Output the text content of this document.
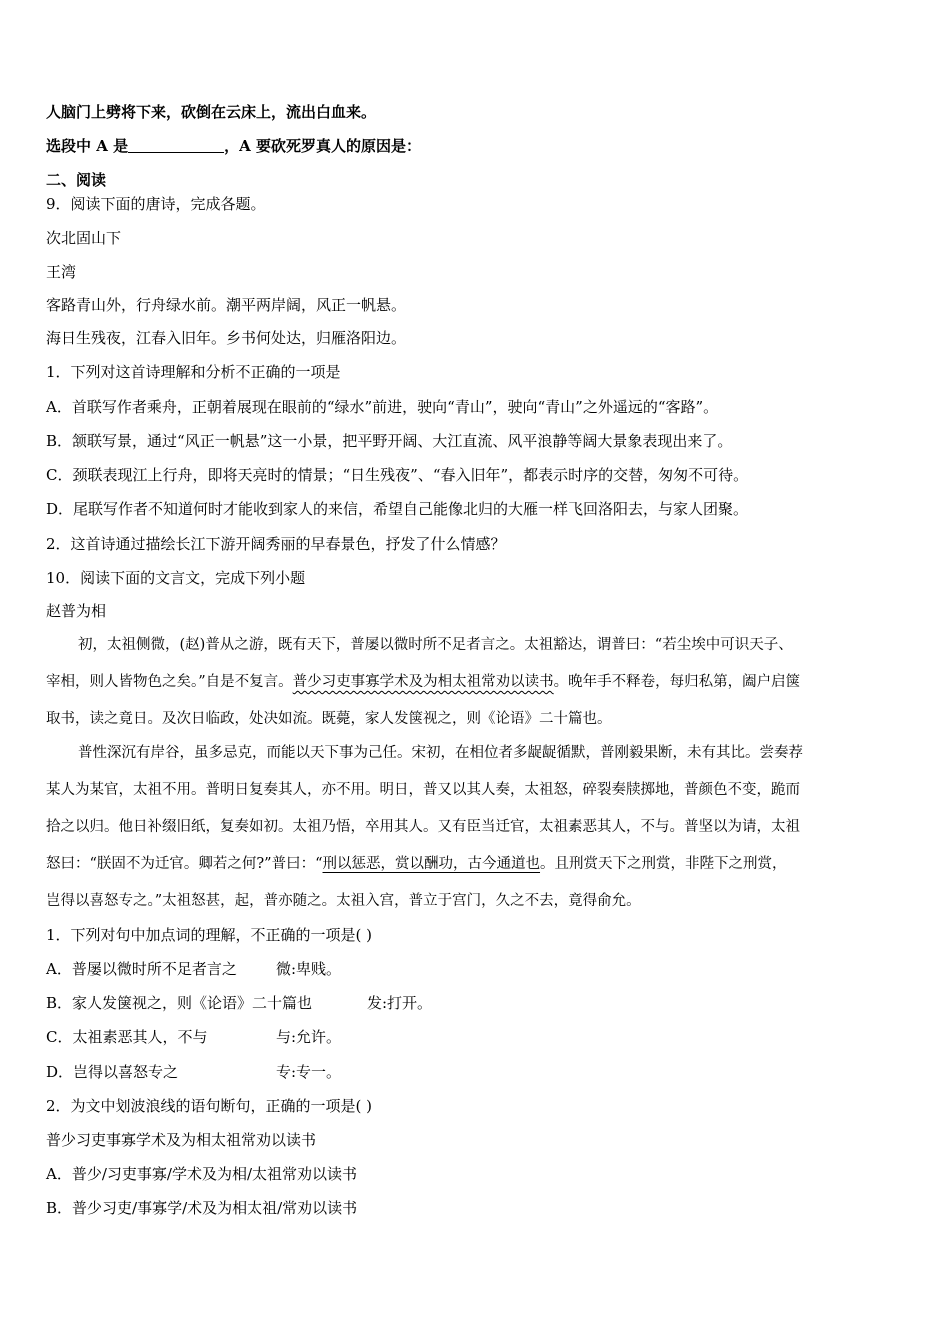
人脑门上劈将下来，砍倒在云床上，流出白血来。
选段中 A 是	，A 要砍死罗真人的原因是：
二、阅读
9．阅读下面的唐诗，完成各题。
次北固山下
王湾
客路青山外，行舟绿水前。潮平两岸阔，风正一帆悬。
海日生残夜，江春入旧年。乡书何处达，归雁洛阳边。
1．下列对这首诗理解和分析不正确的一项是
A．首联写作者乘舟，正朝着展现在眼前的“绿水”前进，驶向“青山”，驶向“青山”之外遥远的“客路”。
B．颔联写景，通过“风正一帆悬”这一小景，把平野开阔、大江直流、风平浪静等阔大景象表现出来了。
C．颈联表现江上行舟，即将天亮时的情景；“日生残夜”、“春入旧年”，都表示时序的交替，匆匆不可待。
D．尾联写作者不知道何时才能收到家人的来信，希望自己能像北归的大雁一样飞回洛阳去，与家人团聚。
2．这首诗通过描绘长江下游开阔秀丽的早春景色，抒发了什么情感？
10．阅读下面的文言文，完成下列小题
赵普为相
初，太祖侧微，(赵)普从之游，既有天下，普屡以微时所不足者言之。太祖豁达，谓普曰：“若尘埃中可识天子、
宰相，则人皆物色之矣。”自是不复言。普少习吏事寡学术及为相太祖常劝以读书。晚年手不释卷，每归私第，阖户启箧
取书，读之竟日。及次日临政，处决如流。既薨，家人发箧视之，则《论语》二十篇也。
普性深沉有岸谷，虽多忌克，而能以天下事为己任。宋初，在相位者多龊龊循默，普刚毅果断，未有其比。尝奏荐
某人为某官，太祖不用。普明日复奏其人，亦不用。明日，普又以其人奏，太祖怒，碎裂奏牍掷地，普颜色不变，跪而
拾之以归。他日补缀旧纸，复奏如初。太祖乃悟，卒用其人。又有臣当迁官，太祖素恶其人，不与。普坚以为请，太祖
怒曰：“朕固不为迁官。卿若之何?”普曰：“刑以惩恶，赏以酬功，古今通道也。且刑赏天下之刑赏，非陛下之刑赏，
岂得以喜怒专之。”太祖怒甚，起，普亦随之。太祖入宫，普立于宫门，久之不去，竟得俞允。
1．下列对句中加点词的理解，不正确的一项是( )
A．普屡以微时所不足者言之	微:卑贱。
B．家人发箧视之，则《论语》二十篇也	发:打开。
C．太祖素恶其人，不与	与:允许。
D．岂得以喜怒专之	专:专一。
2．为文中划波浪线的语句断句，正确的一项是( )
普少习吏事寡学术及为相太祖常劝以读书
A．普少/习吏事寡/学术及为相/太祖常劝以读书
B．普少习吏/事寡学/术及为相太祖/常劝以读书
